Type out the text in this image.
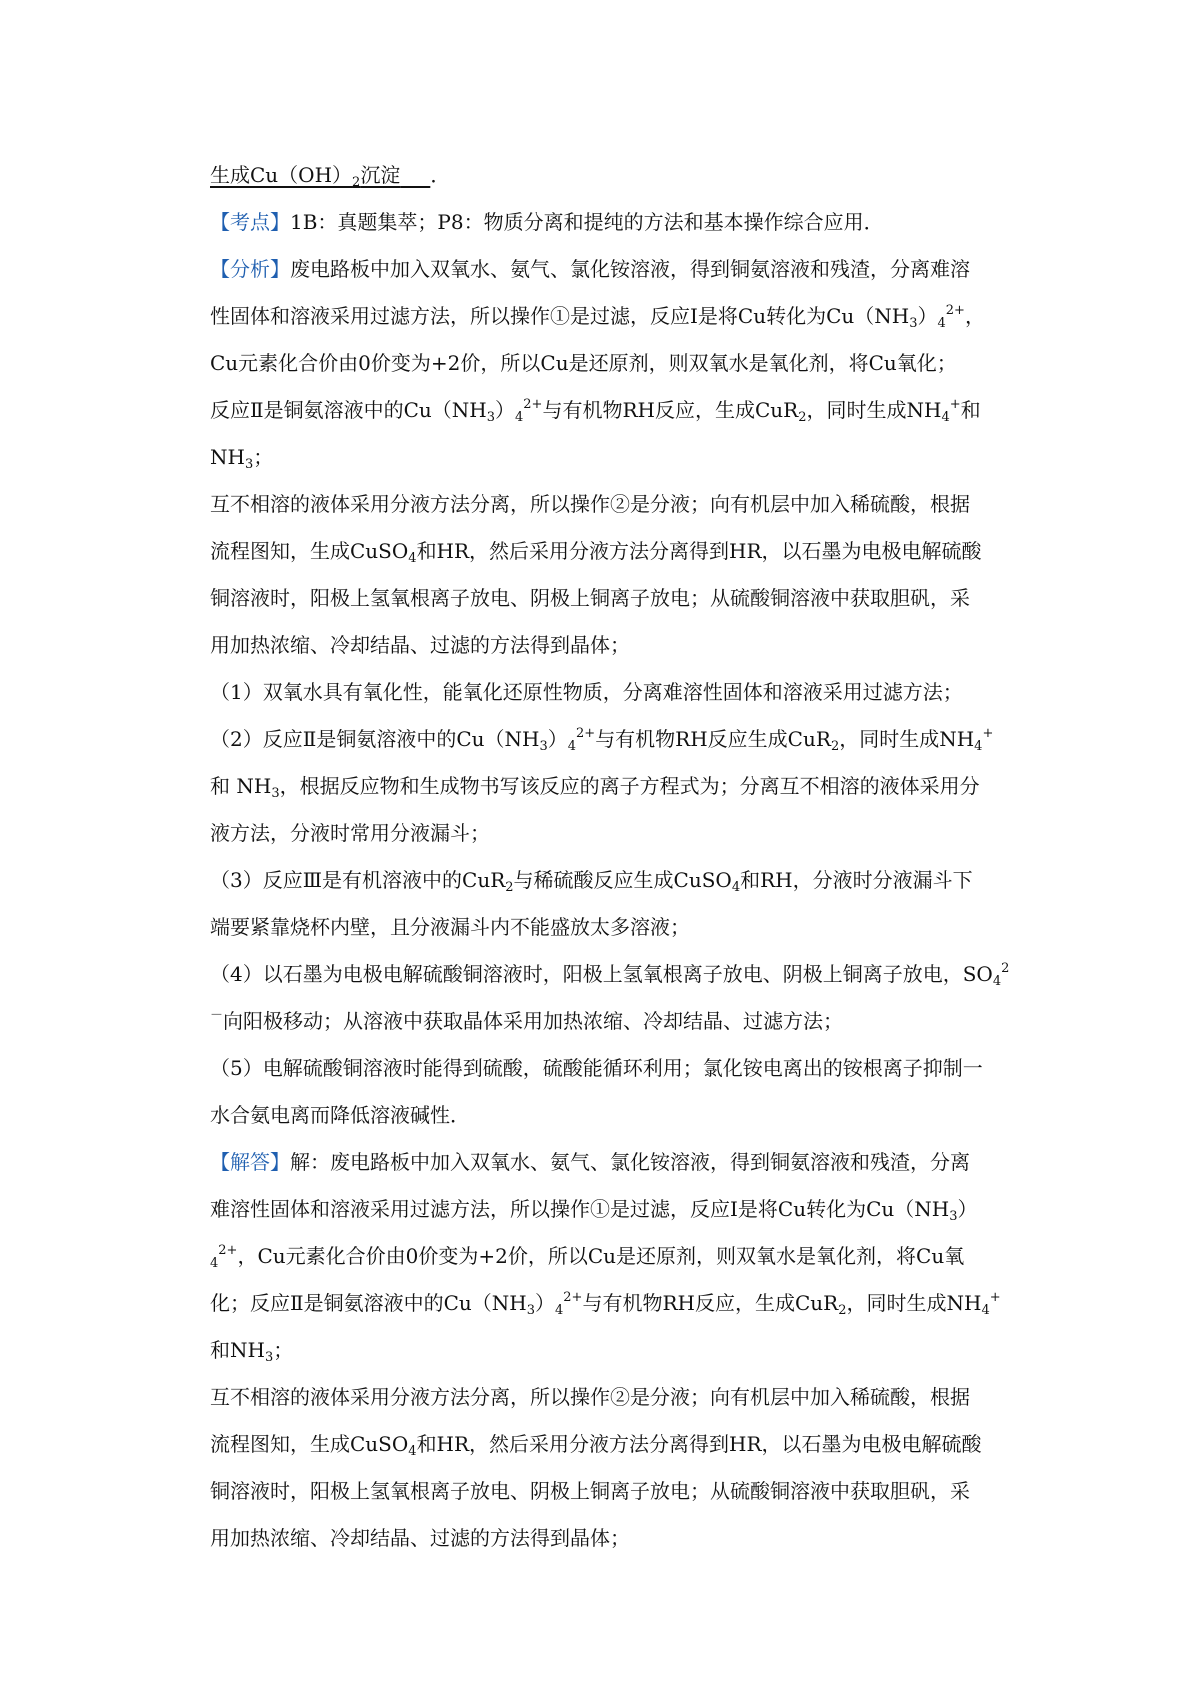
生成$Cu(OH)_2$沉淀   ．
【考点】1B：真题集萃；P8：物质分离和提纯的方法和基本操作综合应用．
【分析】废电路板中加入双氧水、氨气、氯化铵溶液，得到铜氨溶液和残渣，分离难溶
性固体和溶液采用过滤方法，所以操作①是过滤，反应Ⅰ是将Cu转化为$Cu(NH_3)_4^{2+}$，
Cu元素化合价由0价变为+2价，所以Cu是还原剂，则双氧水是氧化剂，将Cu氧化；
反应Ⅱ是铜氨溶液中的$Cu(NH_3)_4^{2+}$与有机物RH反应，生成CuR$_2$，同时生成$NH_4^+$和
$NH_3$；
互不相溶的液体采用分液方法分离，所以操作②是分液；向有机层中加入稀硫酸，根据
流程图知，生成CuSO$_4$和HR，然后采用分液方法分离得到HR，以石墨为电极电解硫酸
铜溶液时，阳极上氢氧根离子放电、阴极上铜离子放电；从硫酸铜溶液中获取胆矾，采
用加热浓缩、冷却结晶、过滤的方法得到晶体；
（1）双氧水具有氧化性，能氧化还原性物质，分离难溶性固体和溶液采用过滤方法；
（2）反应Ⅱ是铜氨溶液中的$Cu(NH_3)_4^{2+}$与有机物RH反应生成CuR$_2$，同时生成$NH_4^+$
和 $NH_3$，根据反应物和生成物书写该反应的离子方程式为；分离互不相溶的液体采用分
液方法，分液时常用分液漏斗；
（3）反应Ⅲ是有机溶液中的CuR$_2$与稀硫酸反应生成CuSO$_4$和RH，分液时分液漏斗下
端要紧靠烧杯内壁，且分液漏斗内不能盛放太多溶液；
（4）以石墨为电极电解硫酸铜溶液时，阳极上氢氧根离子放电、阴极上铜离子放电，$SO_4^2$
－向阳极移动；从溶液中获取晶体采用加热浓缩、冷却结晶、过滤方法；
（5）电解硫酸铜溶液时能得到硫酸，硫酸能循环利用；氯化铵电离出的铵根离子抑制一
水合氨电离而降低溶液碱性．
【解答】解：废电路板中加入双氧水、氨气、氯化铵溶液，得到铜氨溶液和残渣，分离
难溶性固体和溶液采用过滤方法，所以操作①是过滤，反应Ⅰ是将Cu转化为$Cu(NH_3)$
$_4^{2+}$，Cu元素化合价由0价变为+2价，所以Cu是还原剂，则双氧水是氧化剂，将Cu氧
化；反应Ⅱ是铜氨溶液中的$Cu(NH_3)_4^{2+}$与有机物RH反应，生成CuR$_2$，同时生成$NH_4^+$
和$NH_3$；
互不相溶的液体采用分液方法分离，所以操作②是分液；向有机层中加入稀硫酸，根据
流程图知，生成CuSO$_4$和HR，然后采用分液方法分离得到HR，以石墨为电极电解硫酸
铜溶液时，阳极上氢氧根离子放电、阴极上铜离子放电；从硫酸铜溶液中获取胆矾，采
用加热浓缩、冷却结晶、过滤的方法得到晶体；
